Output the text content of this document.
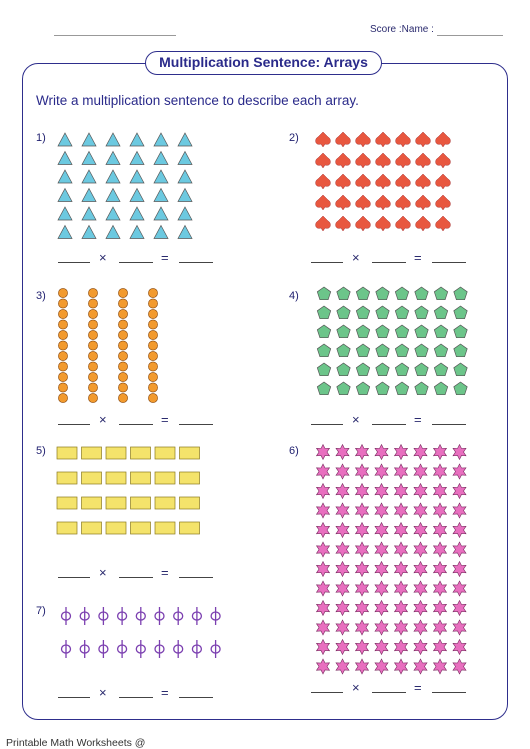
Score :Name :
Multiplication Sentence: Arrays
Write a multiplication sentence to describe each array.
1)	2)
3)	4)
5)	6)
7)
×	=	×	=
×	=	×	=
×	=
×	=
×	=
Printable Math Worksheets @
